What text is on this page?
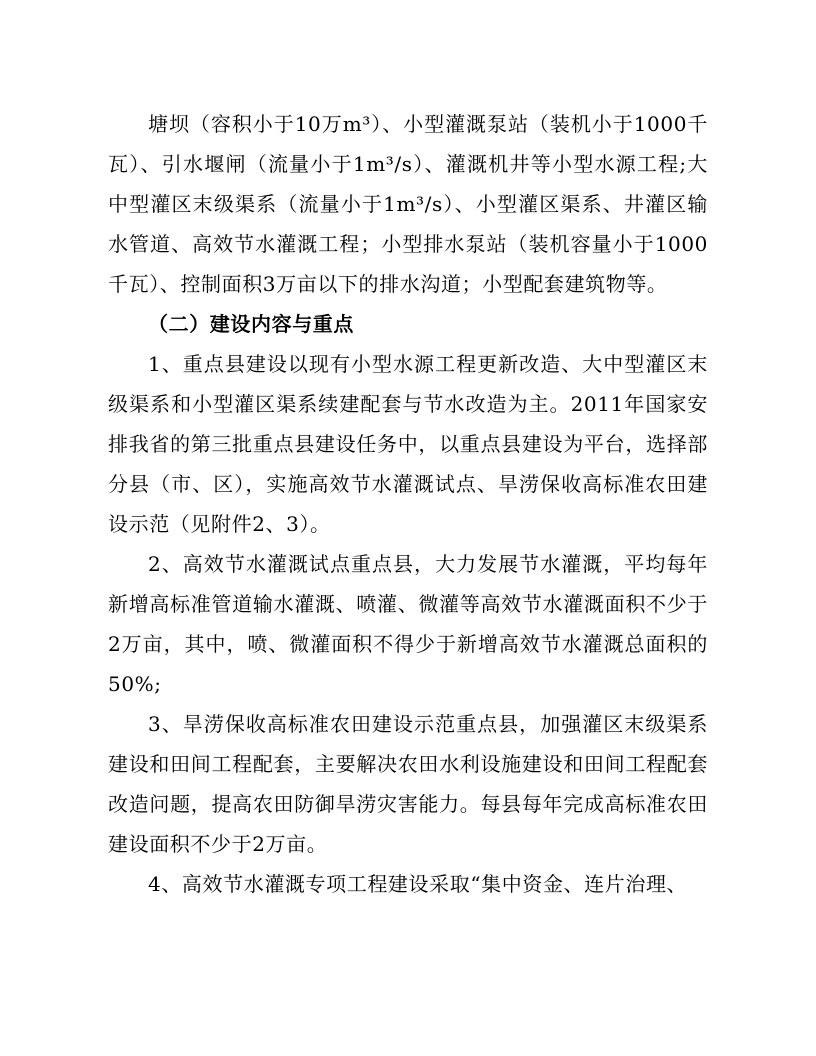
塘坝（容积小于10万m³）、小型灌溉泵站（装机小于1000千瓦）、引水堰闸（流量小于1m³/s）、灌溉机井等小型水源工程;大中型灌区末级渠系（流量小于1m³/s）、小型灌区渠系、井灌区输水管道、高效节水灌溉工程；小型排水泵站（装机容量小于1000千瓦）、控制面积3万亩以下的排水沟道；小型配套建筑物等。

（二）建设内容与重点

1、重点县建设以现有小型水源工程更新改造、大中型灌区末级渠系和小型灌区渠系续建配套与节水改造为主。2011年国家安排我省的第三批重点县建设任务中，以重点县建设为平台，选择部分县（市、区），实施高效节水灌溉试点、旱涝保收高标准农田建设示范（见附件2、3）。

2、高效节水灌溉试点重点县，大力发展节水灌溉，平均每年新增高标准管道输水灌溉、喷灌、微灌等高效节水灌溉面积不少于2万亩，其中，喷、微灌面积不得少于新增高效节水灌溉总面积的50%;

3、旱涝保收高标准农田建设示范重点县，加强灌区末级渠系建设和田间工程配套，主要解决农田水利设施建设和田间工程配套改造问题，提高农田防御旱涝灾害能力。每县每年完成高标准农田建设面积不少于2万亩。

4、高效节水灌溉专项工程建设采取“集中资金、连片治理、
